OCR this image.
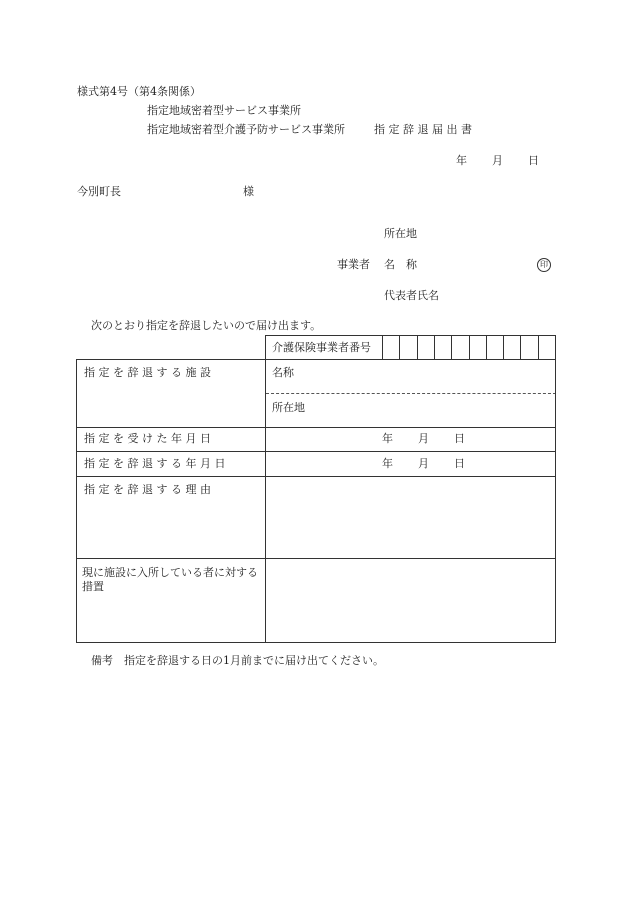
様式第4号（第4条関係）
指定地域密着型サービス事業所
指定地域密着型介護予防サービス事業所	指 定 辞 退 届 出 書
年 月 日
今別町長	様
所在地
事業者 名　称	印
代表者氏名
次のとおり指定を辞退したいので届け出ます。
介護保険事業者番号
指 定 を 辞 退 す る 施 設	名称
所在地
指 定 を 受 け た 年 月 日	年 月 日
指 定 を 辞 退 す る 年 月 日	年 月 日
指 定 を 辞 退 す る 理 由
現に施設に入所している者に対する措置
備考 指定を辞退する日の1月前までに届け出てください。
